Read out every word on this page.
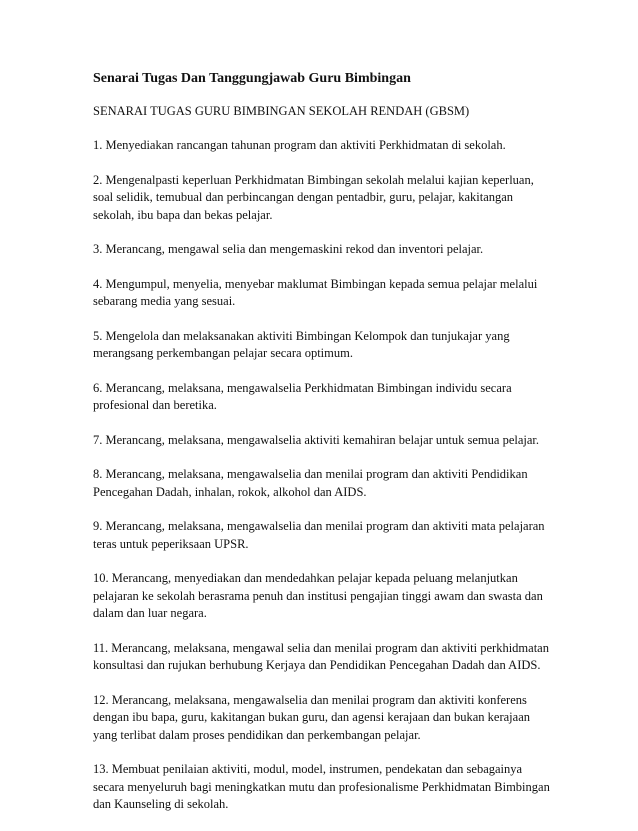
Senarai Tugas Dan Tanggungjawab Guru Bimbingan
SENARAI TUGAS GURU BIMBINGAN SEKOLAH RENDAH (GBSM)
1. Menyediakan rancangan tahunan program dan aktiviti Perkhidmatan di sekolah.
2. Mengenalpasti keperluan Perkhidmatan Bimbingan sekolah melalui kajian keperluan, soal selidik, temubual dan perbincangan dengan pentadbir, guru, pelajar, kakitangan sekolah, ibu bapa dan bekas pelajar.
3. Merancang, mengawal selia dan mengemaskini rekod dan inventori pelajar.
4. Mengumpul, menyelia, menyebar maklumat Bimbingan kepada semua pelajar melalui sebarang media yang sesuai.
5. Mengelola dan melaksanakan aktiviti Bimbingan Kelompok dan tunjukajar yang merangsang perkembangan pelajar secara optimum.
6. Merancang, melaksana, mengawalselia Perkhidmatan Bimbingan individu secara profesional dan beretika.
7. Merancang, melaksana, mengawalselia aktiviti kemahiran belajar untuk semua pelajar.
8. Merancang, melaksana, mengawalselia dan menilai program dan aktiviti Pendidikan Pencegahan Dadah, inhalan, rokok, alkohol dan AIDS.
9. Merancang, melaksana, mengawalselia dan menilai program dan aktiviti mata pelajaran teras untuk peperiksaan UPSR.
10. Merancang, menyediakan dan mendedahkan pelajar kepada peluang melanjutkan pelajaran ke sekolah berasrama penuh dan institusi pengajian tinggi awam dan swasta dan dalam dan luar negara.
11. Merancang, melaksana, mengawal selia dan menilai program dan aktiviti perkhidmatan konsultasi dan rujukan berhubung Kerjaya dan Pendidikan Pencegahan Dadah dan AIDS.
12. Merancang, melaksana, mengawalselia dan menilai program dan aktiviti konferens dengan ibu bapa, guru, kakitangan bukan guru, dan agensi kerajaan dan bukan kerajaan yang terlibat dalam proses pendidikan dan perkembangan pelajar.
13. Membuat penilaian aktiviti, modul, model, instrumen, pendekatan dan sebagainya secara menyeluruh bagi meningkatkan mutu dan profesionalisme Perkhidmatan Bimbingan dan Kaunseling di sekolah.
